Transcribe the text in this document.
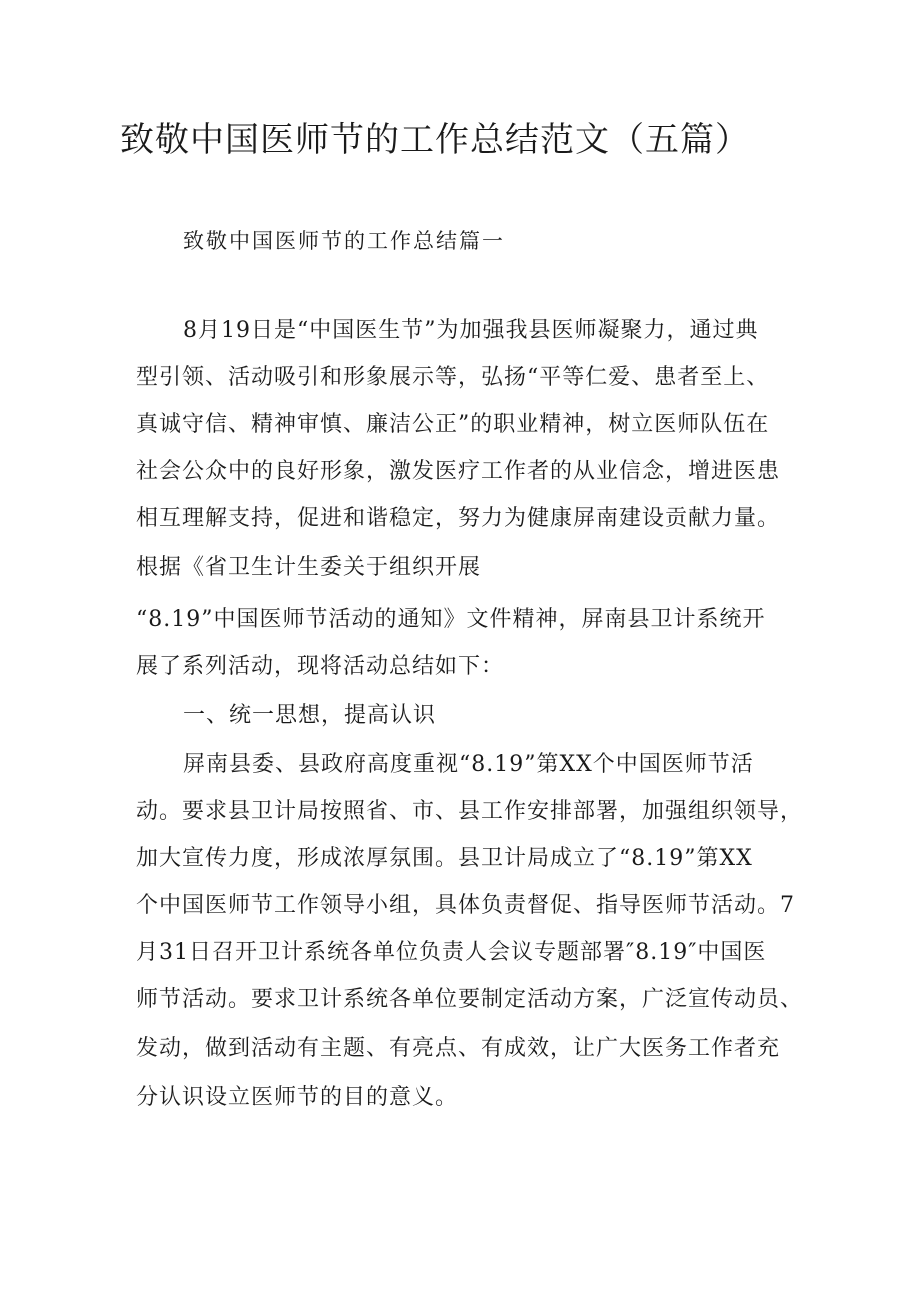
致敬中国医师节的工作总结范文（五篇）
致敬中国医师节的工作总结篇一
8月19日是“中国医生节”为加强我县医师凝聚力，通过典
型引领、活动吸引和形象展示等，弘扬“平等仁爱、患者至上、
真诚守信、精神审慎、廉洁公正”的职业精神，树立医师队伍在
社会公众中的良好形象，激发医疗工作者的从业信念，增进医患
相互理解支持，促进和谐稳定，努力为健康屏南建设贡献力量。
根据《省卫生计生委关于组织开展
“8.19”中国医师节活动的通知》文件精神，屏南县卫计系统开
展了系列活动，现将活动总结如下：
一、统一思想，提高认识
屏南县委、县政府高度重视“8.19”第XX个中国医师节活
动。要求县卫计局按照省、市、县工作安排部署，加强组织领导，
加大宣传力度，形成浓厚氛围。县卫计局成立了“8.19”第XX
个中国医师节工作领导小组，具体负责督促、指导医师节活动。7
月31日召开卫计系统各单位负责人会议专题部署″8.19″中国医
师节活动。要求卫计系统各单位要制定活动方案，广泛宣传动员、
发动，做到活动有主题、有亮点、有成效，让广大医务工作者充
分认识设立医师节的目的意义。
